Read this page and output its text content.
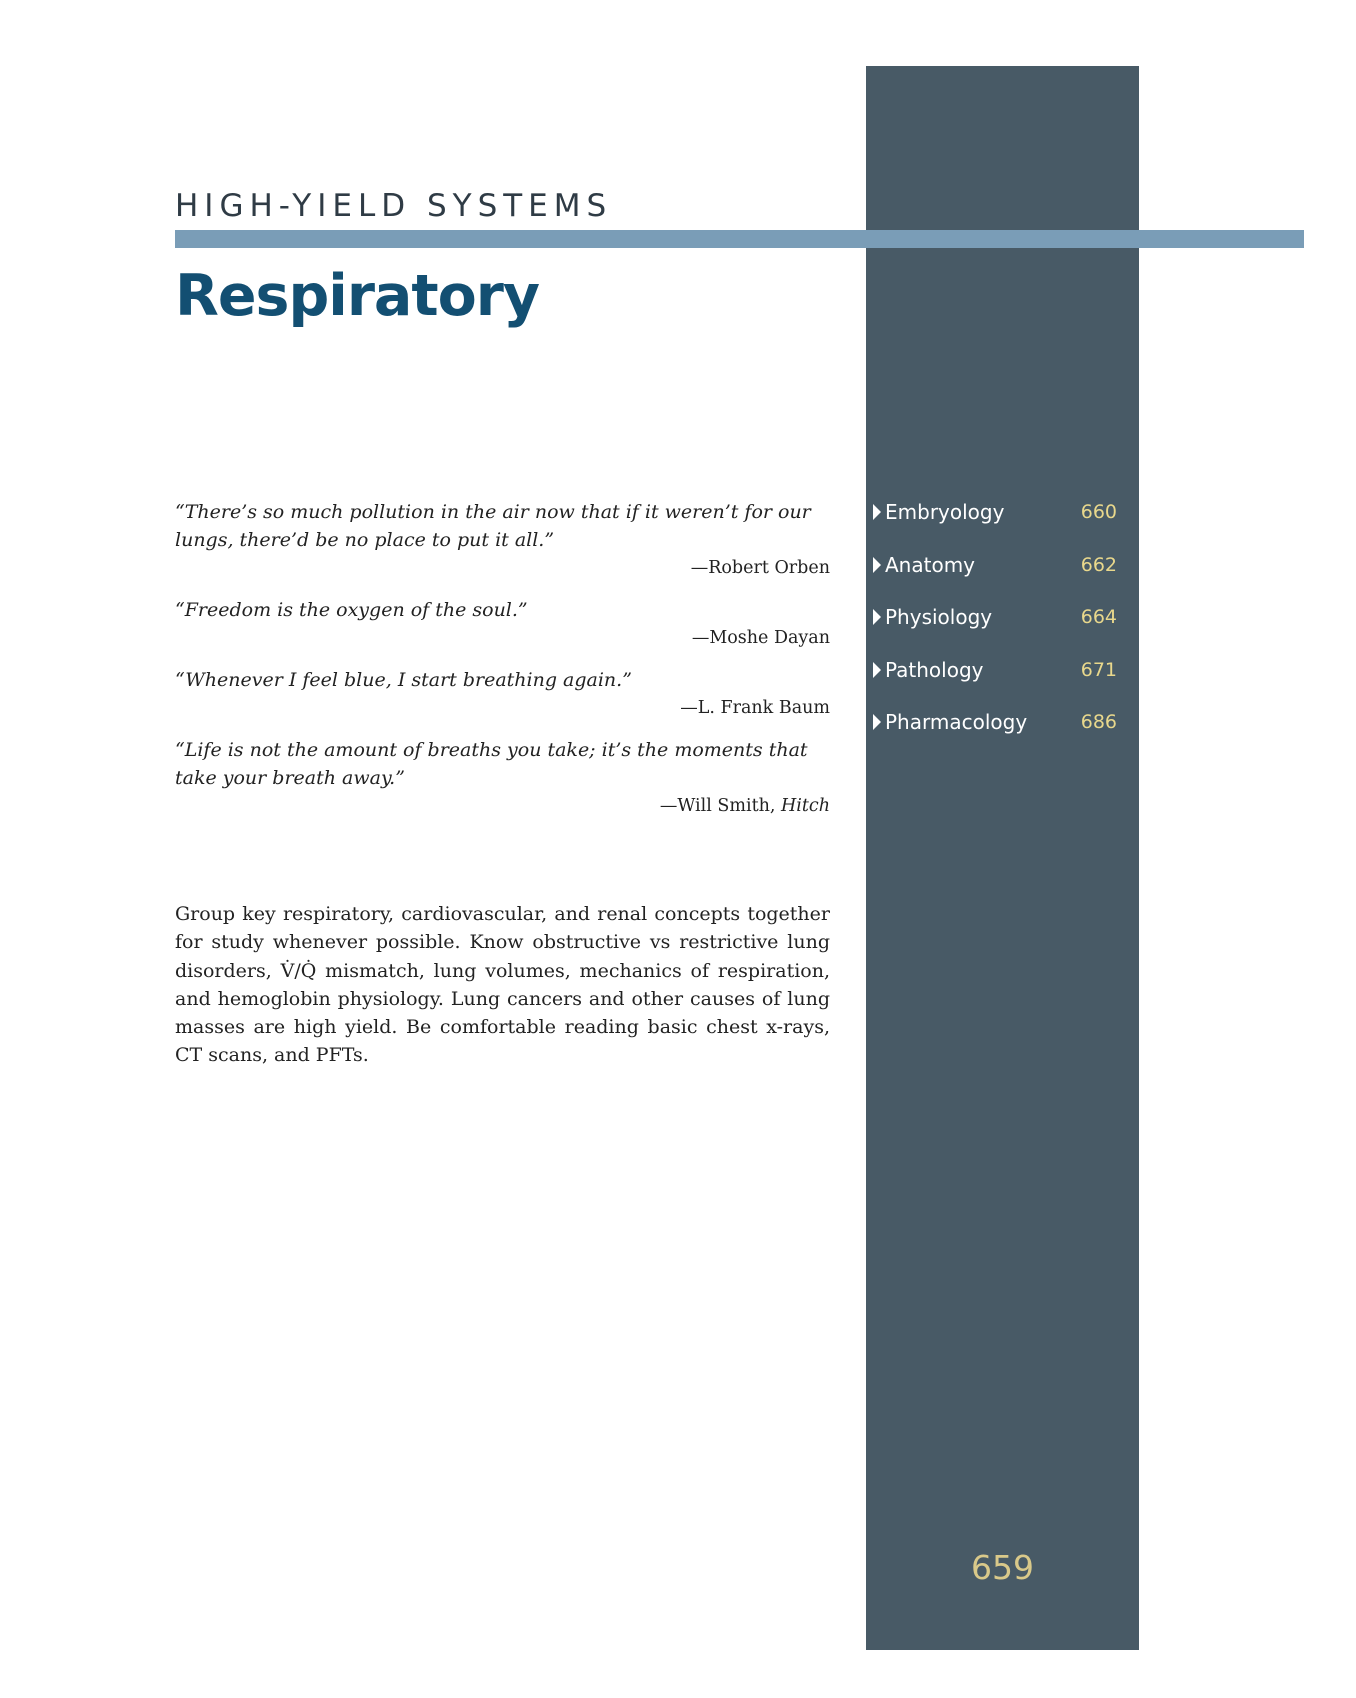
HIGH-YIELD SYSTEMS
Respiratory
“There’s so much pollution in the air now that if it weren’t for our lungs, there’d be no place to put it all.”
—Robert Orben
“Freedom is the oxygen of the soul.”
—Moshe Dayan
“Whenever I feel blue, I start breathing again.”
—L. Frank Baum
“Life is not the amount of breaths you take; it’s the moments that take your breath away.”
—Will Smith, Hitch
Group key respiratory, cardiovascular, and renal concepts together for study whenever possible. Know obstructive vs restrictive lung disorders, V̇/Q̇ mismatch, lung volumes, mechanics of respiration, and hemoglobin physiology. Lung cancers and other causes of lung masses are high yield. Be comfortable reading basic chest x-rays, CT scans, and PFTs.
Embryology	660
Anatomy	662
Physiology	664
Pathology	671
Pharmacology	686
659
